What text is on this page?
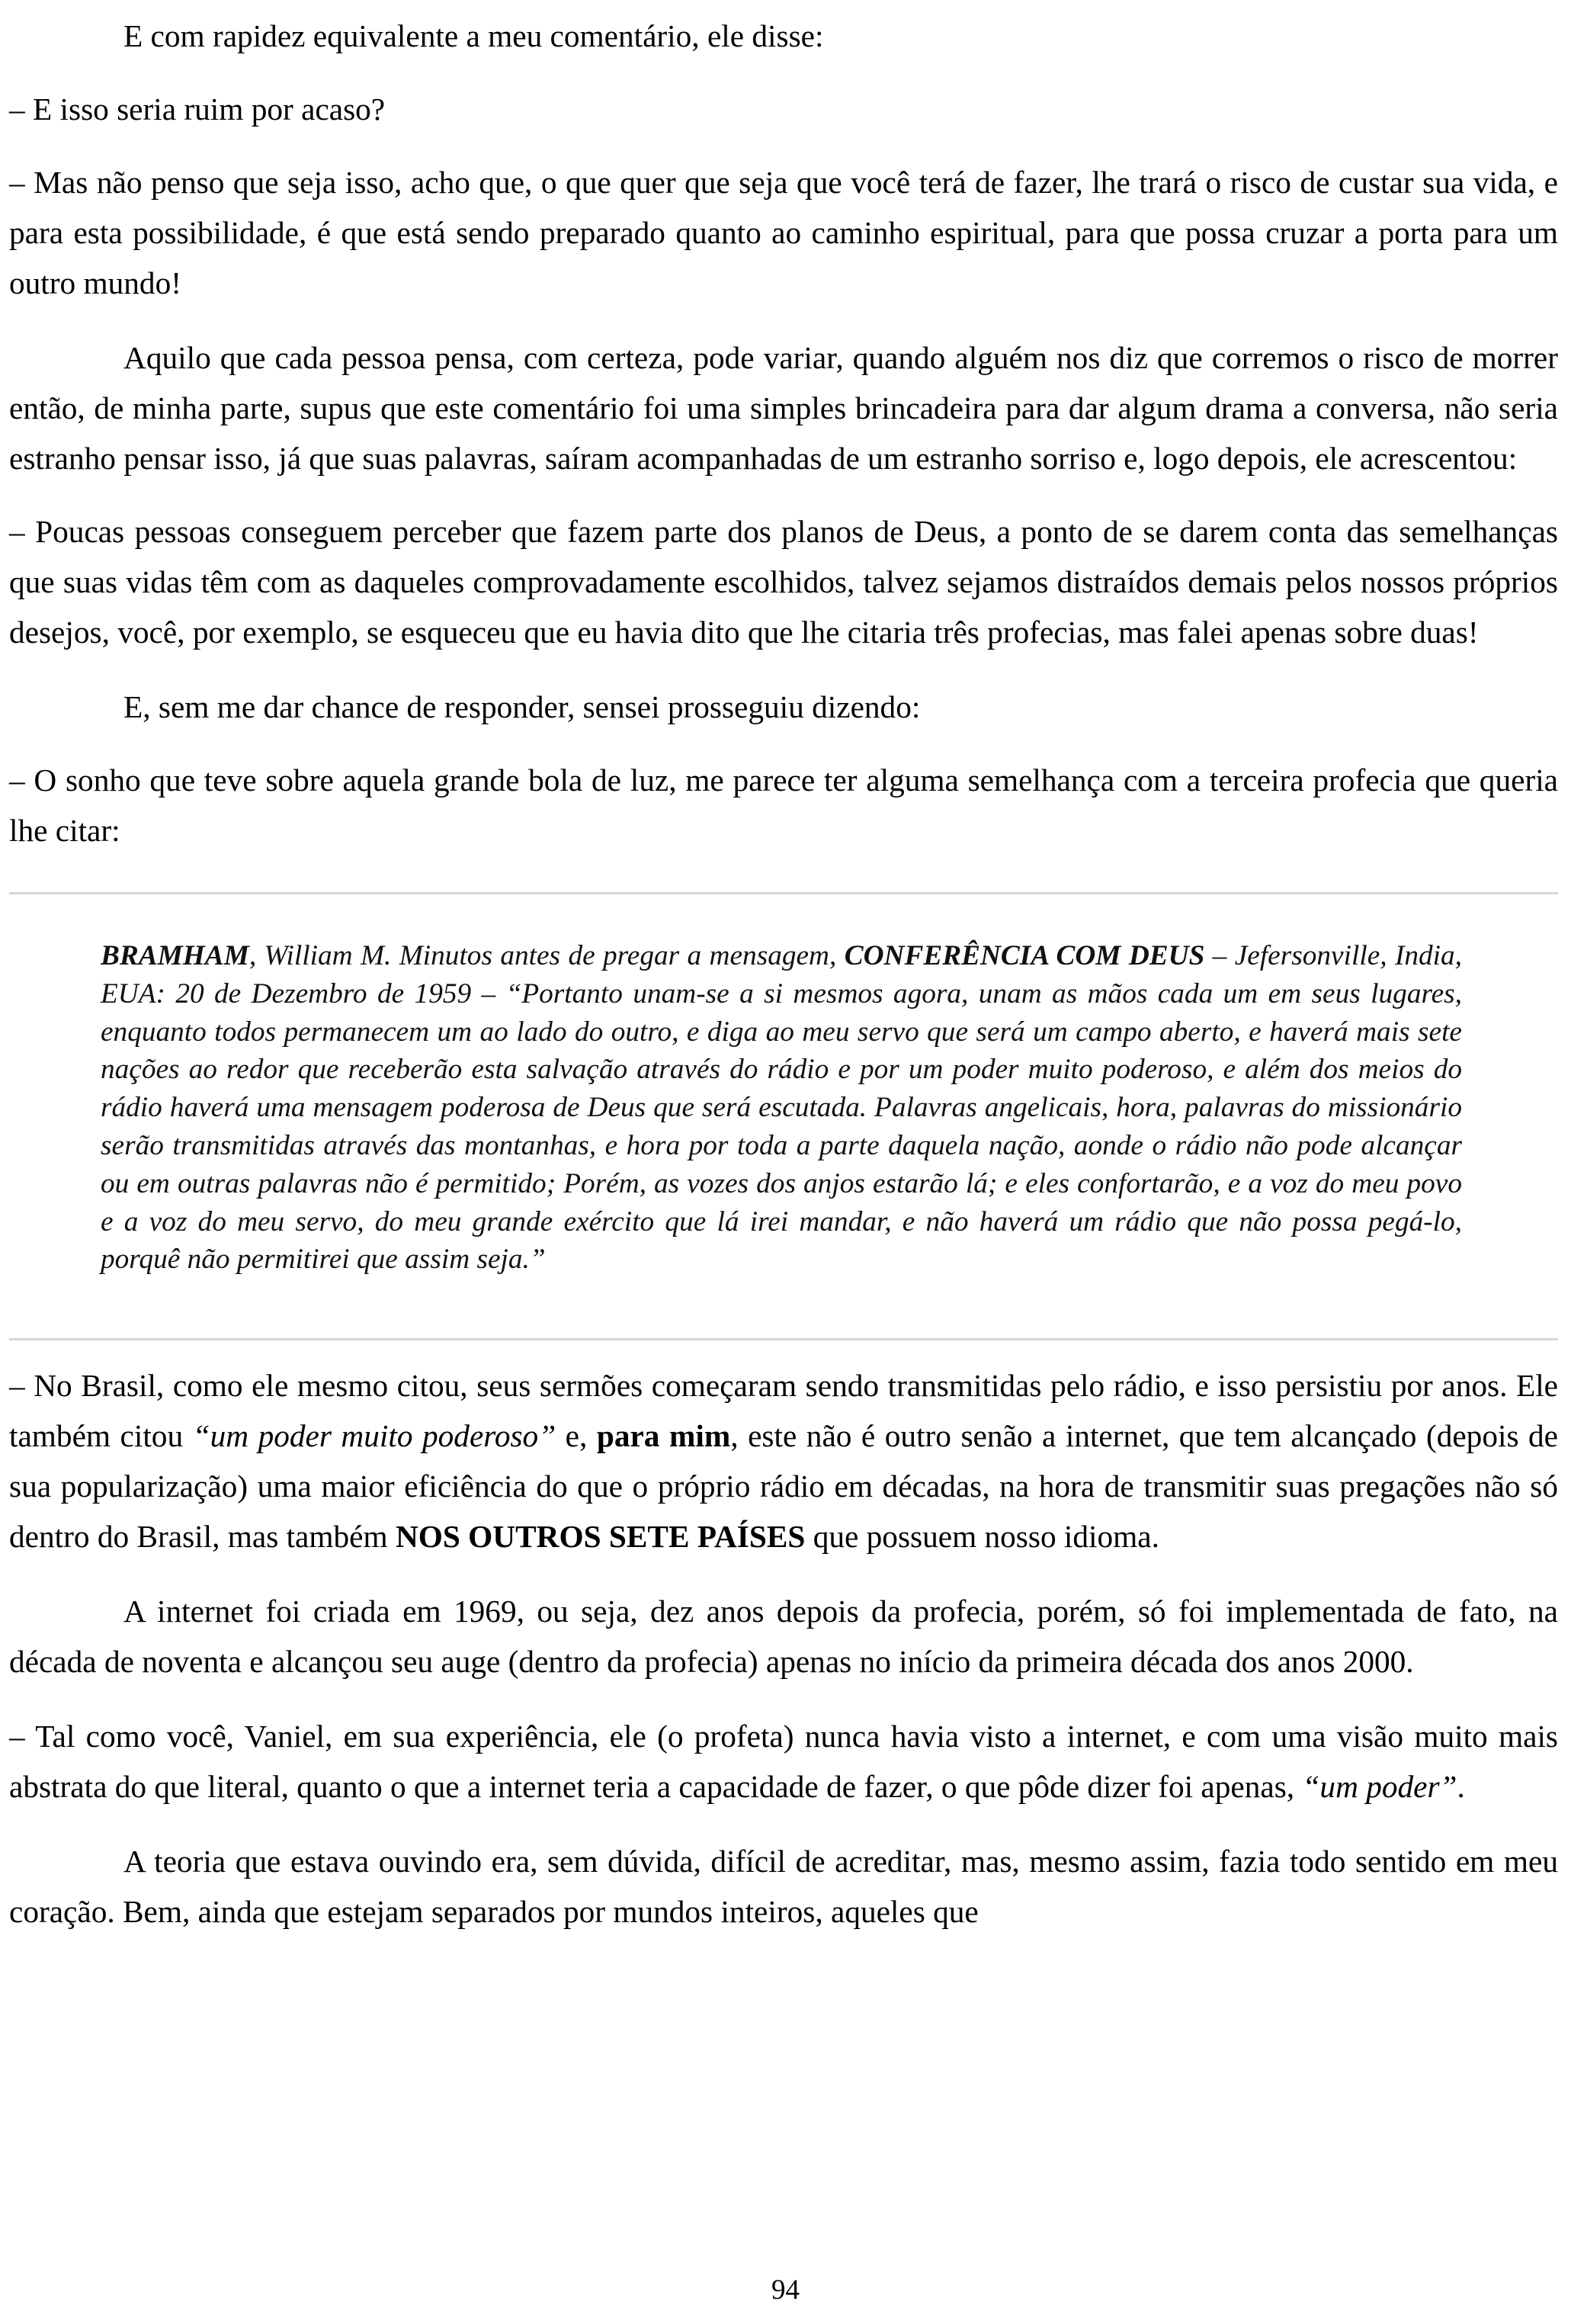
E com rapidez equivalente a meu comentário, ele disse:

– E isso seria ruim por acaso?

– Mas não penso que seja isso, acho que, o que quer que seja que você terá de fazer, lhe trará o risco de custar sua vida, e para esta possibilidade, é que está sendo preparado quanto ao caminho espiritual, para que possa cruzar a porta para um outro mundo!

Aquilo que cada pessoa pensa, com certeza, pode variar, quando alguém nos diz que corremos o risco de morrer então, de minha parte, supus que este comentário foi uma simples brincadeira para dar algum drama a conversa, não seria estranho pensar isso, já que suas palavras, saíram acompanhadas de um estranho sorriso e, logo depois, ele acrescentou:

– Poucas pessoas conseguem perceber que fazem parte dos planos de Deus, a ponto de se darem conta das semelhanças que suas vidas têm com as daqueles comprovadamente escolhidos, talvez sejamos distraídos demais pelos nossos próprios desejos, você, por exemplo, se esqueceu que eu havia dito que lhe citaria três profecias, mas falei apenas sobre duas!

E, sem me dar chance de responder, sensei prosseguiu dizendo:

– O sonho que teve sobre aquela grande bola de luz, me parece ter alguma semelhança com a terceira profecia que queria lhe citar:

BRAMHAM, William M. Minutos antes de pregar a mensagem, CONFERÊNCIA COM DEUS – Jefersonville, India, EUA: 20 de Dezembro de 1959 – “Portanto unam-se a si mesmos agora, unam as mãos cada um em seus lugares, enquanto todos permanecem um ao lado do outro, e diga ao meu servo que será um campo aberto, e haverá mais sete nações ao redor que receberão esta salvação através do rádio e por um poder muito poderoso, e além dos meios do rádio haverá uma mensagem poderosa de Deus que será escutada. Palavras angelicais, hora, palavras do missionário serão transmitidas através das montanhas, e hora por toda a parte daquela nação, aonde o rádio não pode alcançar ou em outras palavras não é permitido; Porém, as vozes dos anjos estarão lá; e eles confortarão, e a voz do meu povo e a voz do meu servo, do meu grande exército que lá irei mandar, e não haverá um rádio que não possa pegá-lo, porquê não permitirei que assim seja.”

– No Brasil, como ele mesmo citou, seus sermões começaram sendo transmitidas pelo rádio, e isso persistiu por anos. Ele também citou “um poder muito poderoso” e, para mim, este não é outro senão a internet, que tem alcançado (depois de sua popularização) uma maior eficiência do que o próprio rádio em décadas, na hora de transmitir suas pregações não só dentro do Brasil, mas também NOS OUTROS SETE PAÍSES que possuem nosso idioma.

A internet foi criada em 1969, ou seja, dez anos depois da profecia, porém, só foi implementada de fato, na década de noventa e alcançou seu auge (dentro da profecia) apenas no início da primeira década dos anos 2000.

– Tal como você, Vaniel, em sua experiência, ele (o profeta) nunca havia visto a internet, e com uma visão muito mais abstrata do que literal, quanto o que a internet teria a capacidade de fazer, o que pôde dizer foi apenas, “um poder”.

A teoria que estava ouvindo era, sem dúvida, difícil de acreditar, mas, mesmo assim, fazia todo sentido em meu coração. Bem, ainda que estejam separados por mundos inteiros, aqueles que

94
